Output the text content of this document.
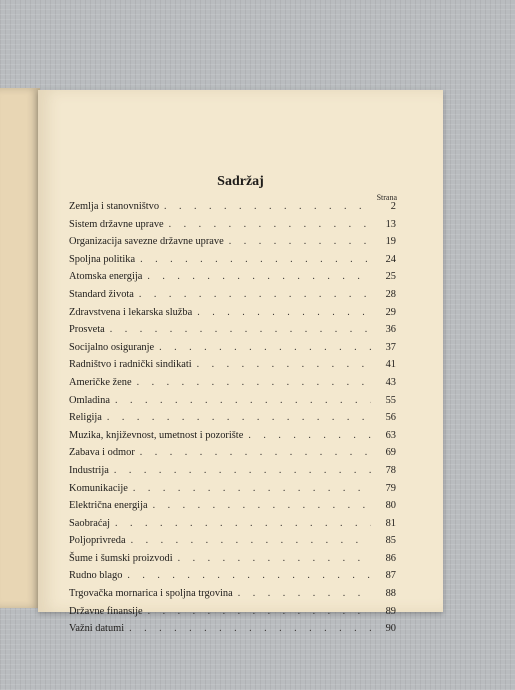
Sadržaj
Strana
Zemlja i stanovništvo . . .	2
Sistem državne uprave . . .	13
Organizacija savezne državne uprave . . .	19
Spoljna politika . . .	24
Atomska energija . . .	25
Standard života . . .	28
Zdravstvena i lekarska služba . . .	29
Prosveta . . .	36
Socijalno osiguranje . . .	37
Radništvo i radnički sindikati . . .	41
Američke žene . . .	43
Omladina . . .	55
Religija . . .	56
Muzika, književnost, umetnost i pozorište . . .	63
Zabava i odmor . . .	69
Industrija . . .	78
Komunikacije . . .	79
Električna energija . . .	80
Saobraćaj . . .	81
Poljoprivreda . . .	85
Šume i šumski proizvodi . . .	86
Rudno blago . . .	87
Trgovačka mornarica i spoljna trgovina . . .	88
Državne finansije . . .	89
Važni datumi . . .	90
